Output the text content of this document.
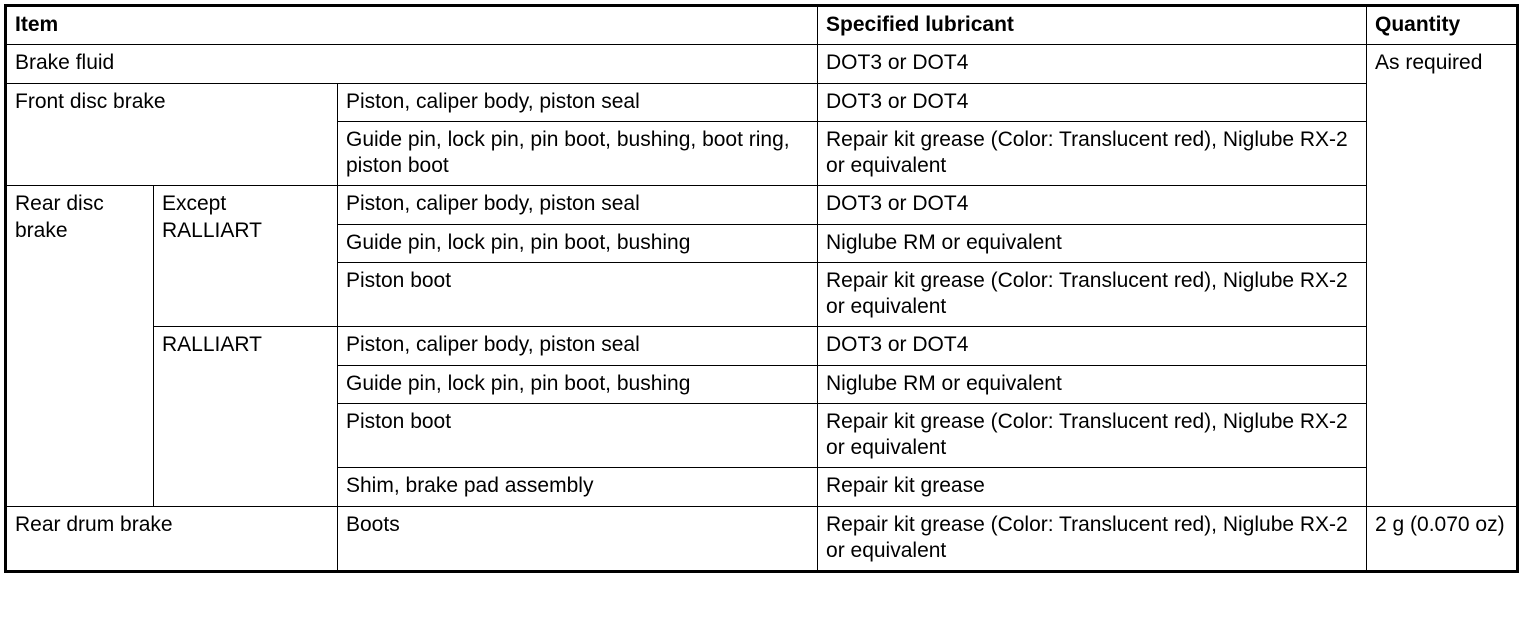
Item			Specified lubricant	Quantity
Brake fluid			DOT3 or DOT4	As required
Front disc brake		Piston, caliper body, piston seal	DOT3 or DOT4	
		Guide pin, lock pin, pin boot, bushing, boot ring, piston boot	Repair kit grease (Color: Translucent red), Niglube RX-2 or equivalent	
Rear disc brake	Except RALLIART	Piston, caliper body, piston seal	DOT3 or DOT4	
		Guide pin, lock pin, pin boot, bushing	Niglube RM or equivalent	
		Piston boot	Repair kit grease (Color: Translucent red), Niglube RX-2 or equivalent	
	RALLIART	Piston, caliper body, piston seal	DOT3 or DOT4	
		Guide pin, lock pin, pin boot, bushing	Niglube RM or equivalent	
		Piston boot	Repair kit grease (Color: Translucent red), Niglube RX-2 or equivalent	
		Shim, brake pad assembly	Repair kit grease	
Rear drum brake		Boots	Repair kit grease (Color: Translucent red), Niglube RX-2 or equivalent	2 g (0.070 oz)
